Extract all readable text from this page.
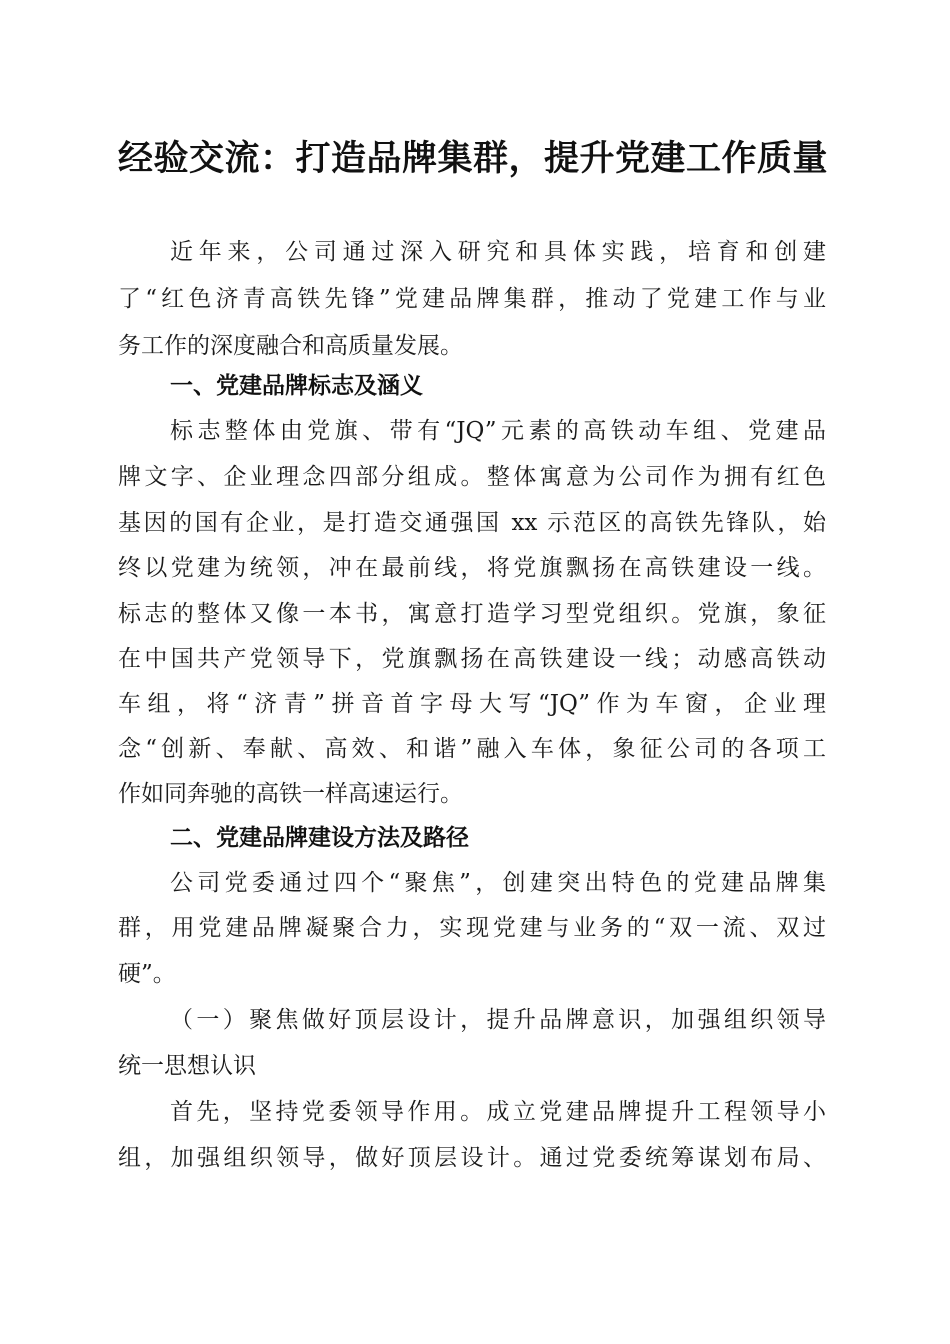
经验交流：打造品牌集群，提升党建工作质量
近年来，公司通过深入研究和具体实践，培育和创建
了“红色济青高铁先锋”党建品牌集群，推动了党建工作与业
务工作的深度融合和高质量发展。
一、党建品牌标志及涵义
标志整体由党旗、带有“JQ”元素的高铁动车组、党建品
牌文字、企业理念四部分组成。整体寓意为公司作为拥有红色
基因的国有企业，是打造交通强国 xx 示范区的高铁先锋队，始
终以党建为统领，冲在最前线，将党旗飘扬在高铁建设一线。
标志的整体又像一本书，寓意打造学习型党组织。党旗，象征
在中国共产党领导下，党旗飘扬在高铁建设一线；动感高铁动
车组，将“济青”拼音首字母大写“JQ”作为车窗，企业理
念“创新、奉献、高效、和谐”融入车体，象征公司的各项工
作如同奔驰的高铁一样高速运行。
二、党建品牌建设方法及路径
公司党委通过四个“聚焦”，创建突出特色的党建品牌集
群，用党建品牌凝聚合力，实现党建与业务的“双一流、双过
硬”。
（一）聚焦做好顶层设计，提升品牌意识，加强组织领导
统一思想认识
首先，坚持党委领导作用。成立党建品牌提升工程领导小
组，加强组织领导，做好顶层设计。通过党委统筹谋划布局、
